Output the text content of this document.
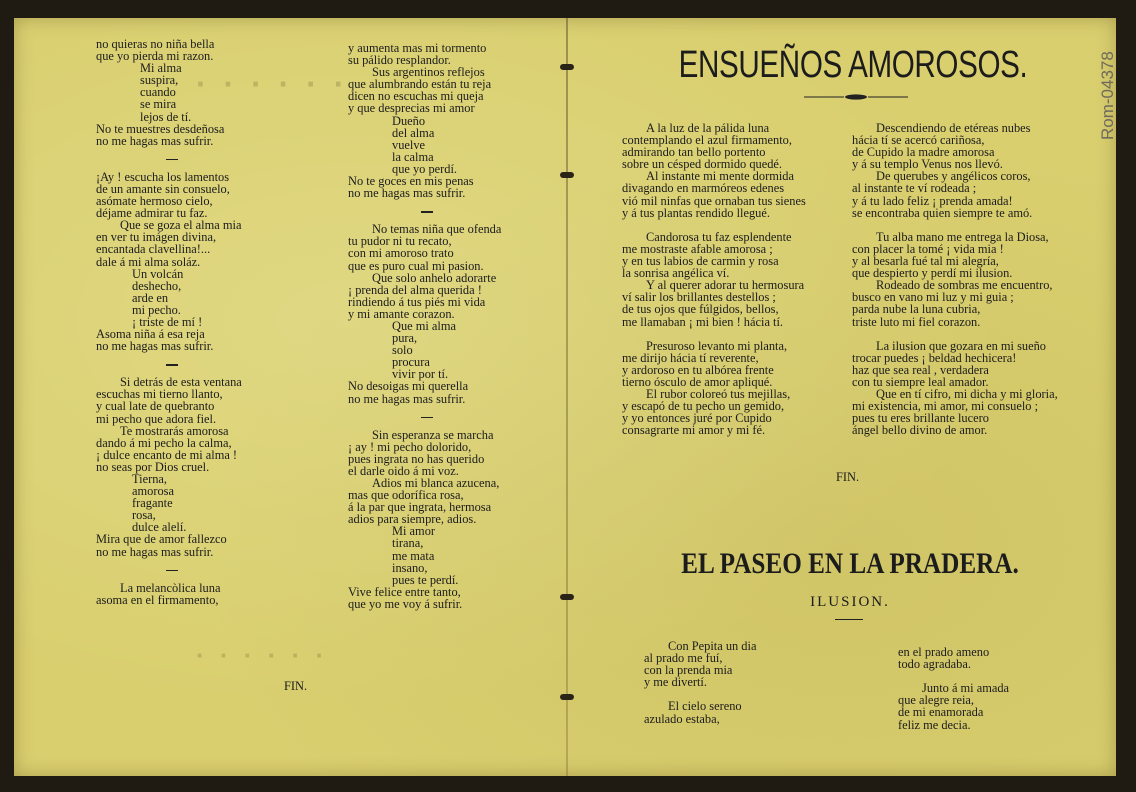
· · · · · ·
· · · · · ·
no quieras no niña bella
que yo pierda mi razon.
Mi alma
suspira,
cuando
se mira
lejos de tí.
No te muestres desdeñosa
no me hagas mas sufrir.
¡Ay ! escucha los lamentos
de un amante sin consuelo,
asómate hermoso cielo,
déjame admirar tu faz.
Que se goza el alma mia
en ver tu imágen divina,
encantada clavellina!...
dale á mi alma soláz.
Un volcán
deshecho,
arde en
mi pecho.
¡ triste de mí !
Asoma niña á esa reja
no me hagas mas sufrir.
Si detrás de esta ventana
escuchas mi tierno llanto,
y cual late de quebranto
mi pecho que adora fiel.
Te mostrarás amorosa
dando á mi pecho la calma,
¡ dulce encanto de mi alma !
no seas por Dios cruel.
Tierna,
amorosa
fragante
rosa,
dulce alelí.
Mira que de amor fallezco
no me hagas mas sufrir.
La melancòlica luna
asoma en el firmamento,
y aumenta mas mi tormento
su pálido resplandor.
Sus argentinos reflejos
que alumbrando están tu reja
dicen no escuchas mi queja
y que desprecias mi amor
Dueño
del alma
vuelve
la calma
que yo perdí.
No te goces en mis penas
no me hagas mas sufrir.
No temas niña que ofenda
tu pudor ni tu recato,
con mi amoroso trato
que es puro cual mi pasion.
Que solo anhelo adorarte
¡ prenda del alma querida !
rindiendo á tus piés mi vida
y mi amante corazon.
Que mi alma
pura,
solo
procura
vivir por tí.
No desoigas mi querella
no me hagas mas sufrir.
Sin esperanza se marcha
¡ ay ! mi pecho dolorido,
pues ingrata no has querido
el darle oido á mi voz.
Adios mi blanca azucena,
mas que odorífica rosa,
á la par que ingrata, hermosa
adios para siempre, adios.
Mi amor
tirana,
me mata
insano,
pues te perdí.
Vive felice entre tanto,
que yo me voy á sufrir.
FIN.
ENSUEÑOS AMOROSOS.
A la luz de la pálida luna
contemplando el azul firmamento,
admirando tan bello portento
sobre un césped dormido quedé.
Al instante mi mente dormida
divagando en marmóreos edenes
vió mil ninfas que ornaban tus sienes
y á tus plantas rendido llegué.
Candorosa tu faz esplendente
me mostraste afable amorosa ;
y en tus labios de carmin y rosa
la sonrisa angélica ví.
Y al querer adorar tu hermosura
ví salir los brillantes destellos ;
de tus ojos que fúlgidos, bellos,
me llamaban ¡ mi bien ! hácia tí.
Presuroso levanto mi planta,
me dirijo hácia tí reverente,
y ardoroso en tu albórea frente
tierno ósculo de amor apliqué.
El rubor coloreó tus mejillas,
y escapó de tu pecho un gemido,
y yo entonces juré por Cupido
consagrarte mi amor y mi fé.
Descendiendo de etéreas nubes
hácia tí se acercó cariñosa,
de Cupido la madre amorosa
y á su templo Venus nos llevó.
De querubes y angélicos coros,
al instante te ví rodeada ;
y á tu lado feliz ¡ prenda amada!
se encontraba quien siempre te amó.
Tu alba mano me entrega la Diosa,
con placer la tomé ¡ vida mia !
y al besarla fué tal mi alegría,
que despierto y perdí mi ilusion.
Rodeado de sombras me encuentro,
busco en vano mi luz y mi guia ;
parda nube la luna cubria,
triste luto mi fiel corazon.
La ilusion que gozara en mi sueño
trocar puedes ¡ beldad hechicera!
haz que sea real , verdadera
con tu siempre leal amador.
Que en tí cifro, mi dicha y mi gloria,
mi existencia, mi amor, mi consuelo ;
pues tu eres brillante lucero
ángel bello divino de amor.
FIN.
EL PASEO EN LA PRADERA.
ILUSION.
Con Pepita un dia
al prado me fuí,
con la prenda mia
y me divertí.
El cielo sereno
azulado estaba,
en el prado ameno
todo agradaba.
Junto á mi amada
que alegre reia,
de mi enamorada
feliz me decia.
Rom-04378
